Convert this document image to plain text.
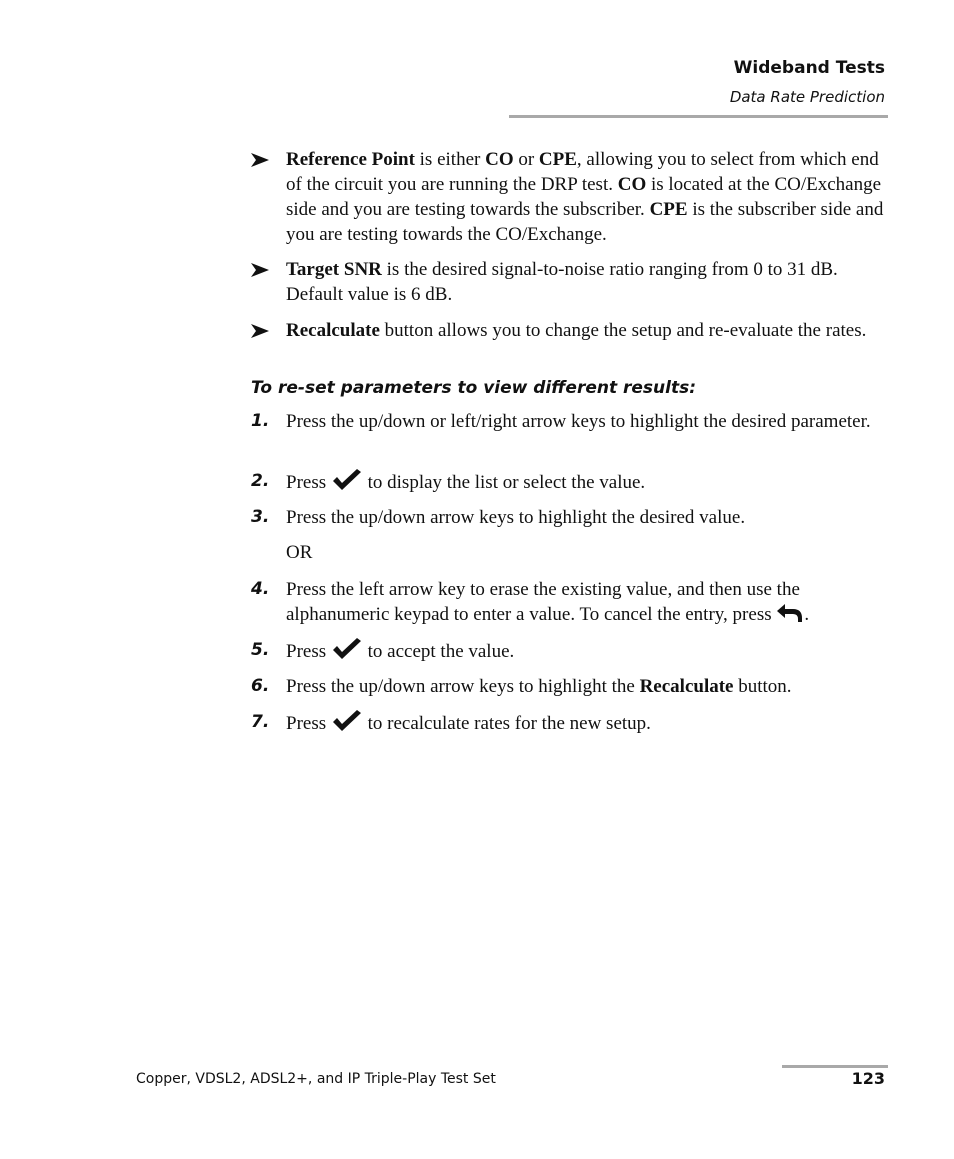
Wideband Tests
Data Rate Prediction
Reference Point is either CO or CPE, allowing you to select from which end of the circuit you are running the DRP test. CO is located at the CO/Exchange side and you are testing towards the subscriber. CPE is the subscriber side and you are testing towards the CO/Exchange.
Target SNR is the desired signal-to-noise ratio ranging from 0 to 31 dB. Default value is 6 dB.
Recalculate button allows you to change the setup and re-evaluate the rates.
To re-set parameters to view different results:
1. Press the up/down or left/right arrow keys to highlight the desired parameter.
2. Press  to display the list or select the value.
3. Press the up/down arrow keys to highlight the desired value.
OR
4. Press the left arrow key to erase the existing value, and then use the alphanumeric keypad to enter a value. To cancel the entry, press .
5. Press  to accept the value.
6. Press the up/down arrow keys to highlight the Recalculate button.
7. Press  to recalculate rates for the new setup.
Copper, VDSL2, ADSL2+, and IP Triple-Play Test Set	123
